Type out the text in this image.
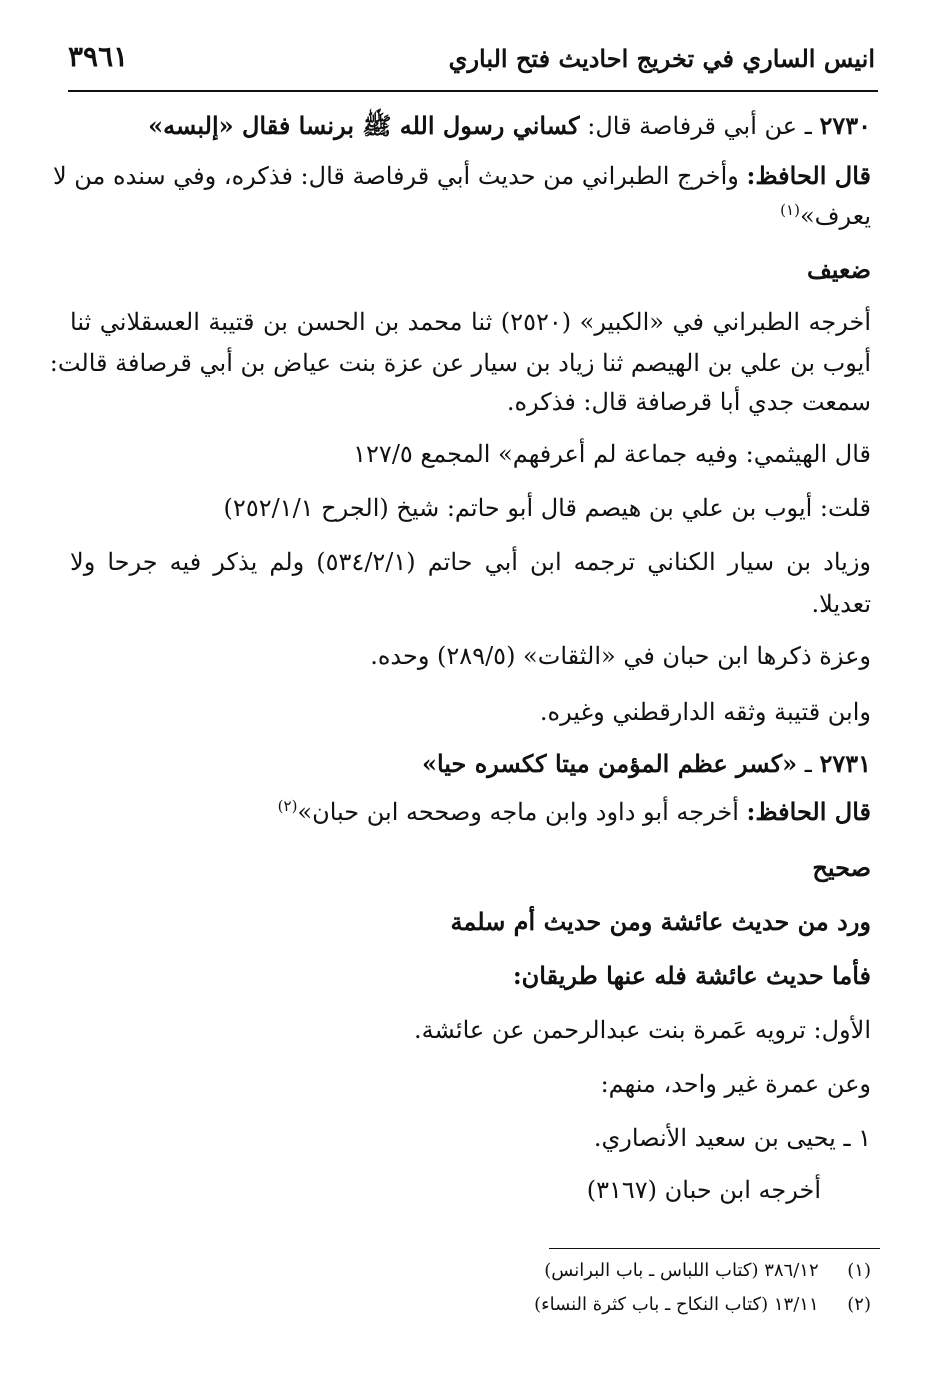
انيس الساري في تخريج احاديث فتح الباري
٣٩٦١
٢٧٣٠ ـ عن أبي قرفاصة قال: كساني رسول الله ﷺ برنسا فقال «إلبسه»
قال الحافظ: وأخرج الطبراني من حديث أبي قرفاصة قال: فذكره، وفي سنده من لا
يعرف»$^{(١)}$
ضعيف
أخرجه الطبراني في «الكبير» (٢٥٢٠) ثنا محمد بن الحسن بن قتيبة العسقلاني ثنا
أيوب بن علي بن الهيصم ثنا زياد بن سيار عن عزة بنت عياض بن أبي قرصافة قالت:
سمعت جدي أبا قرصافة قال: فذكره.
قال الهيثمي: وفيه جماعة لم أعرفهم» المجمع ١٢٧/٥
قلت: أيوب بن علي بن هيصم قال أبو حاتم: شيخ (الجرح ٢٥٢/١/١)
وزياد بن سيار الكناني ترجمه ابن أبي حاتم (٥٣٤/٢/١) ولم يذكر فيه جرحا ولا
تعديلا.
وعزة ذكرها ابن حبان في «الثقات» (٢٨٩/٥) وحده.
وابن قتيبة وثقه الدارقطني وغيره.
٢٧٣١ ـ «كسر عظم المؤمن ميتا ككسره حيا»
قال الحافظ: أخرجه أبو داود وابن ماجه وصححه ابن حبان»$^{(٢)}$
صحيح
ورد من حديث عائشة ومن حديث أم سلمة
فأما حديث عائشة فله عنها طريقان:
الأول: ترويه عَمرة بنت عبدالرحمن عن عائشة.
وعن عمرة غير واحد، منهم:
١ ـ يحيى بن سعيد الأنصاري.
أخرجه ابن حبان (٣١٦٧)
(١)     ٣٨٦/١٢ (كتاب اللباس ـ باب البرانس)
(٢)     ١٣/١١ (كتاب النكاح ـ باب كثرة النساء)
